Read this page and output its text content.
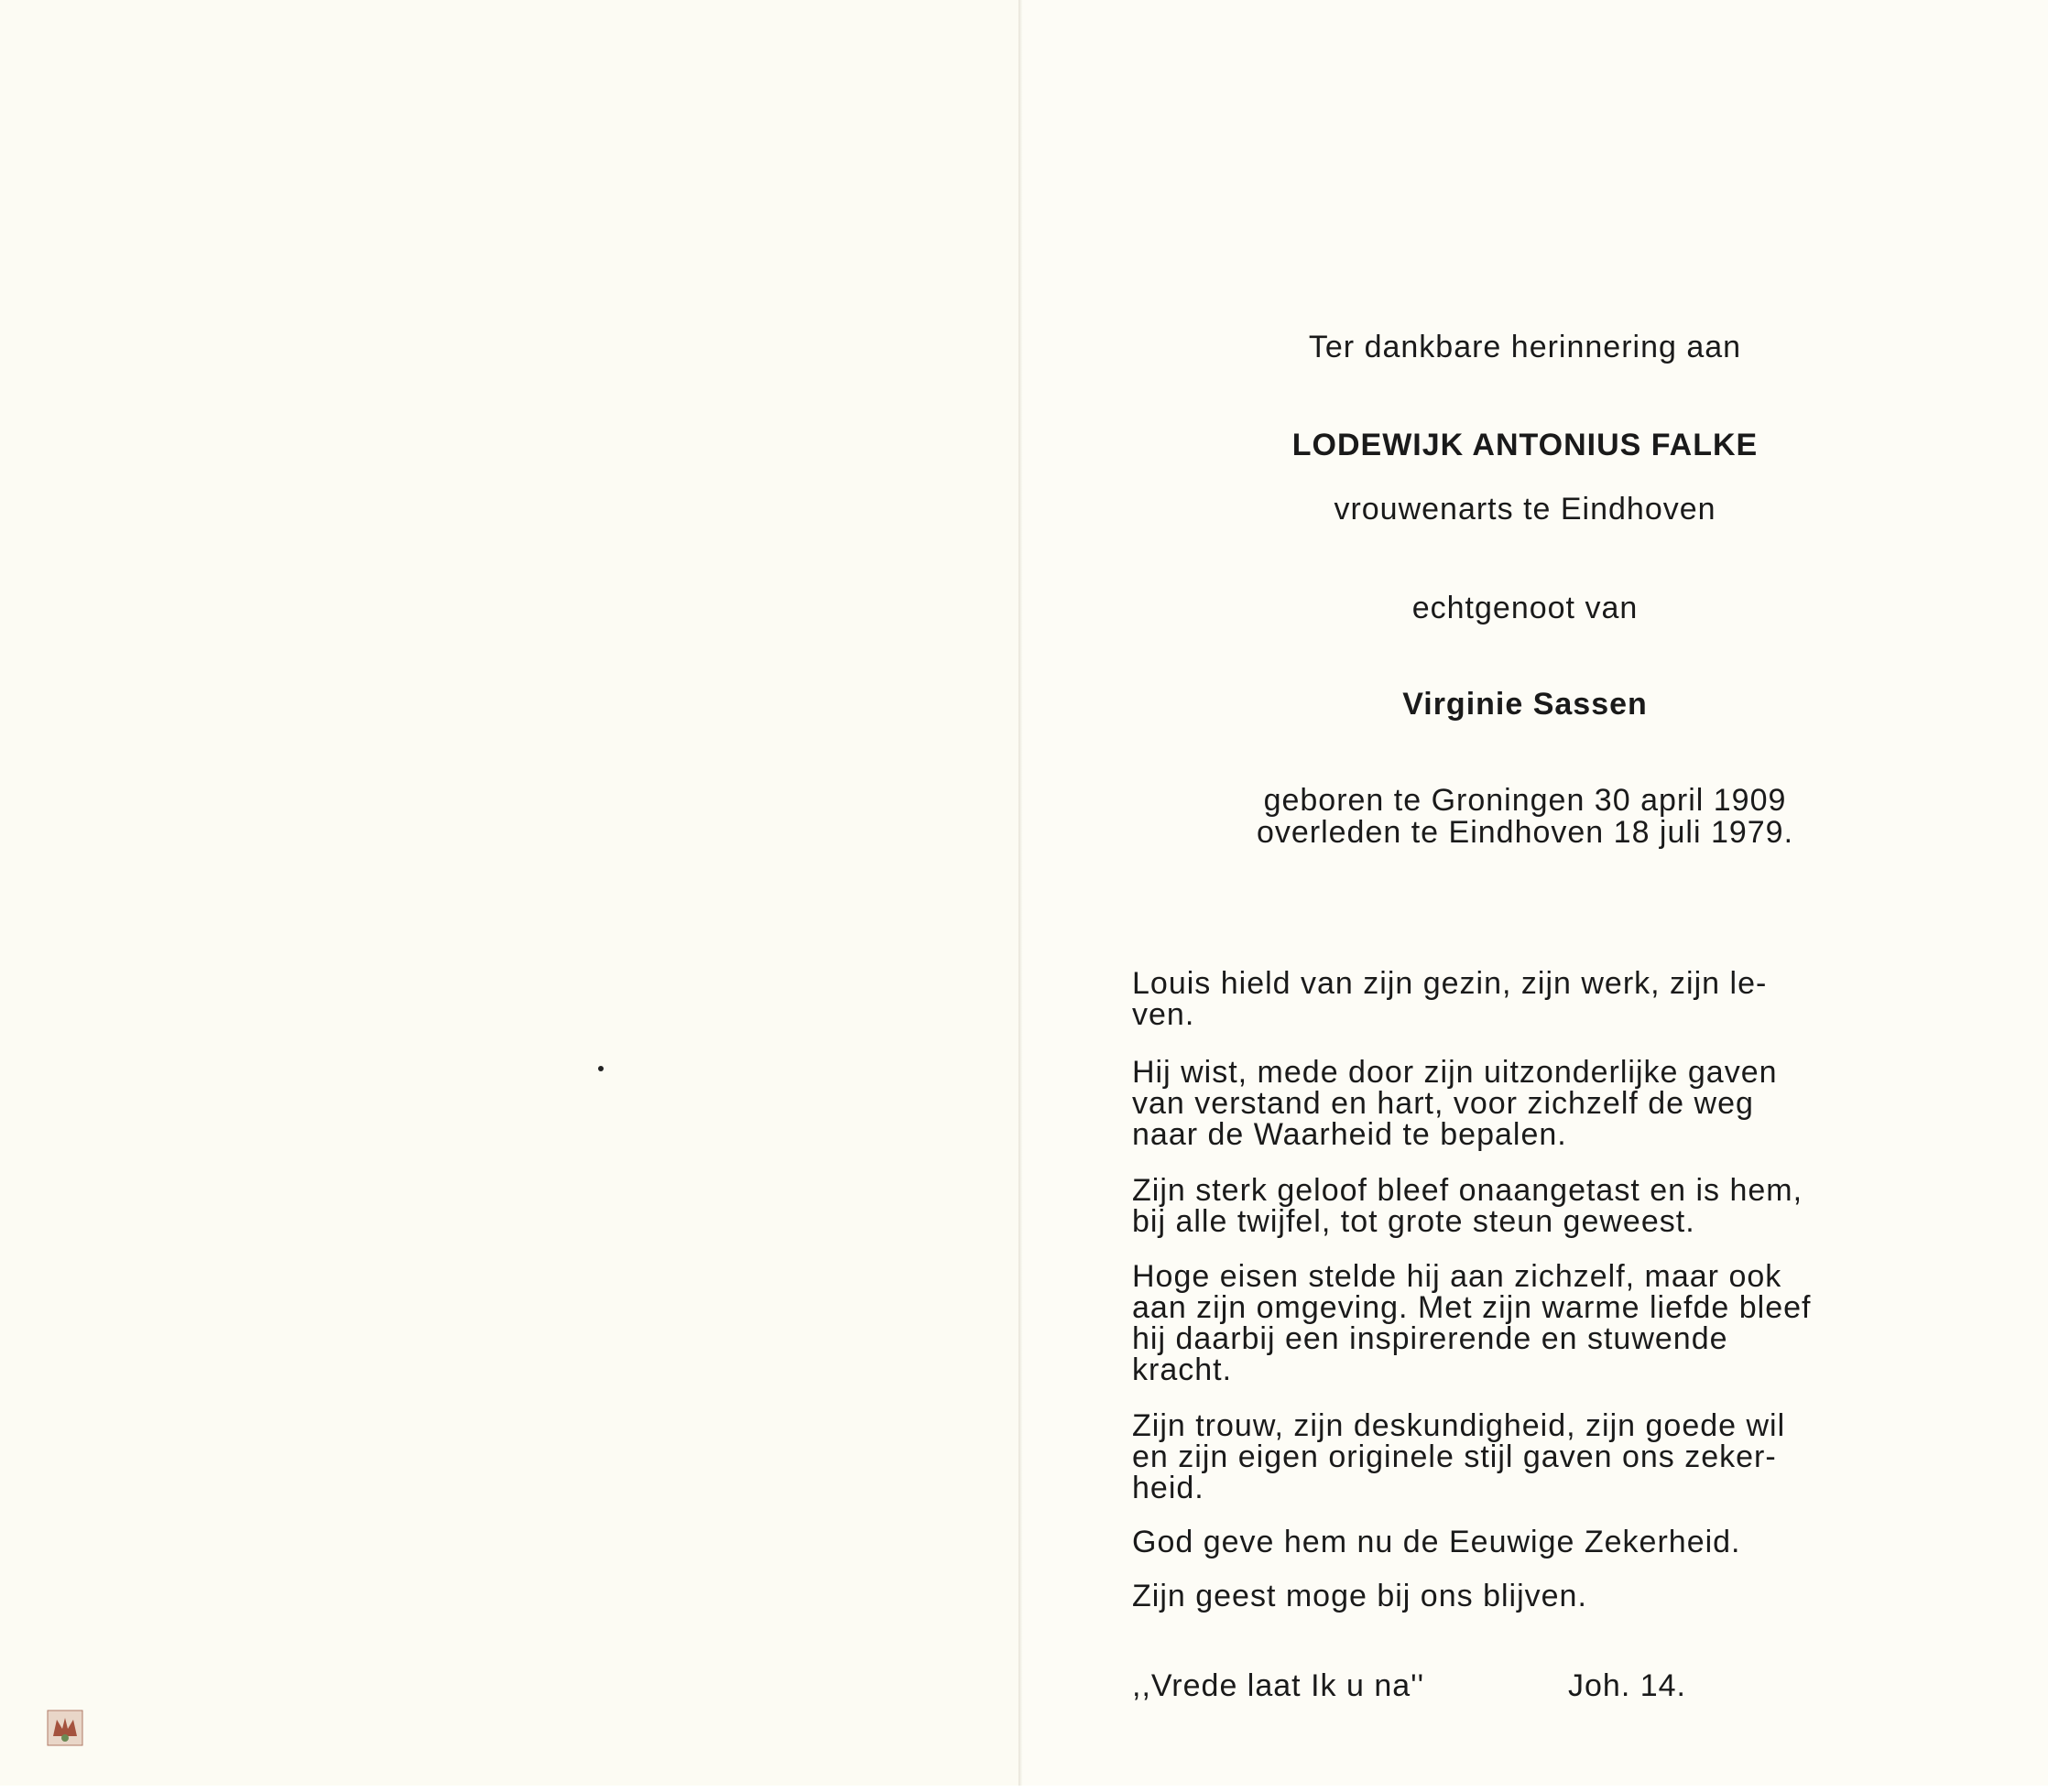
Ter dankbare herinnering aan
LODEWIJK ANTONIUS FALKE
vrouwenarts te Eindhoven
echtgenoot van
Virginie Sassen
geboren te Groningen 30 april 1909
overleden te Eindhoven 18 juli 1979.

Louis hield van zijn gezin, zijn werk, zijn le-

ven.

Hij wist, mede door zijn uitzonderlijke gaven

van verstand en hart, voor zichzelf de weg

naar de Waarheid te bepalen.

Zijn sterk geloof bleef onaangetast en is hem,

bij alle twijfel, tot grote steun geweest.

Hoge eisen stelde hij aan zichzelf, maar ook

aan zijn omgeving. Met zijn warme liefde bleef

hij daarbij een inspirerende en stuwende

kracht.

Zijn trouw, zijn deskundigheid, zijn goede wil

en zijn eigen originele stijl gaven ons zeker-

heid.

God geve hem nu de Eeuwige Zekerheid.

Zijn geest moge bij ons blijven.

,,Vrede laat Ik u na''	Joh. 14.
